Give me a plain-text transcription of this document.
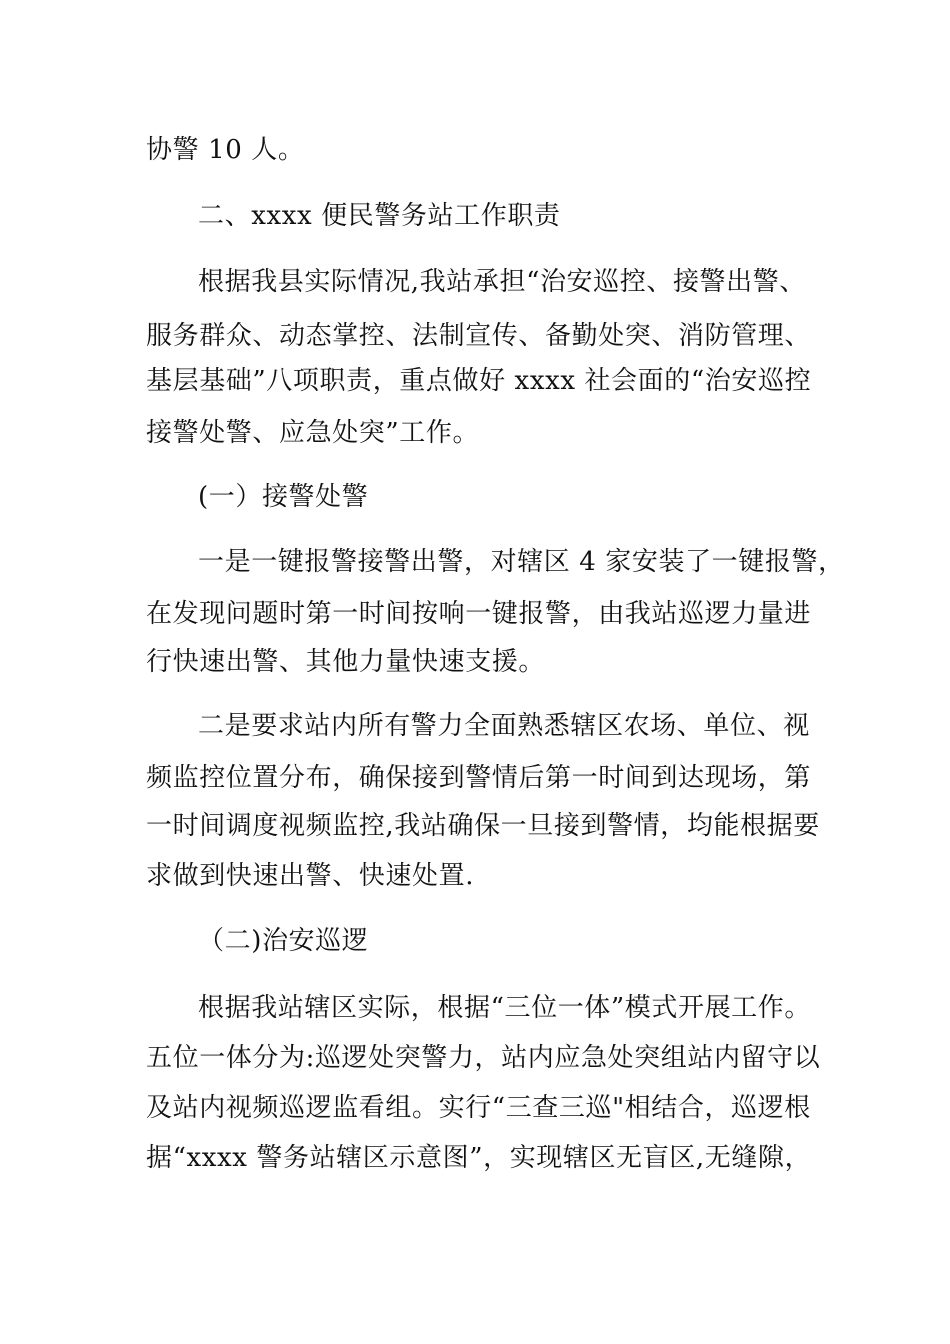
协警 10 人。
二、xxxx 便民警务站工作职责
根据我县实际情况,我站承担“治安巡控、接警出警、
服务群众、动态掌控、法制宣传、备勤处突、消防管理、
基层基础”八项职责，重点做好 xxxx 社会面的“治安巡控
接警处警、应急处突”工作。
(一）接警处警
一是一键报警接警出警，对辖区 4 家安装了一键报警，
在发现问题时第一时间按响一键报警，由我站巡逻力量进
行快速出警、其他力量快速支援。
二是要求站内所有警力全面熟悉辖区农场、单位、视
频监控位置分布，确保接到警情后第一时间到达现场，第
一时间调度视频监控,我站确保一旦接到警情，均能根据要
求做到快速出警、快速处置.
（二)治安巡逻
根据我站辖区实际，根据“三位一体”模式开展工作。
五位一体分为:巡逻处突警力，站内应急处突组站内留守以
及站内视频巡逻监看组。实行“三查三巡"相结合，巡逻根
据“xxxx 警务站辖区示意图”，实现辖区无盲区,无缝隙，
